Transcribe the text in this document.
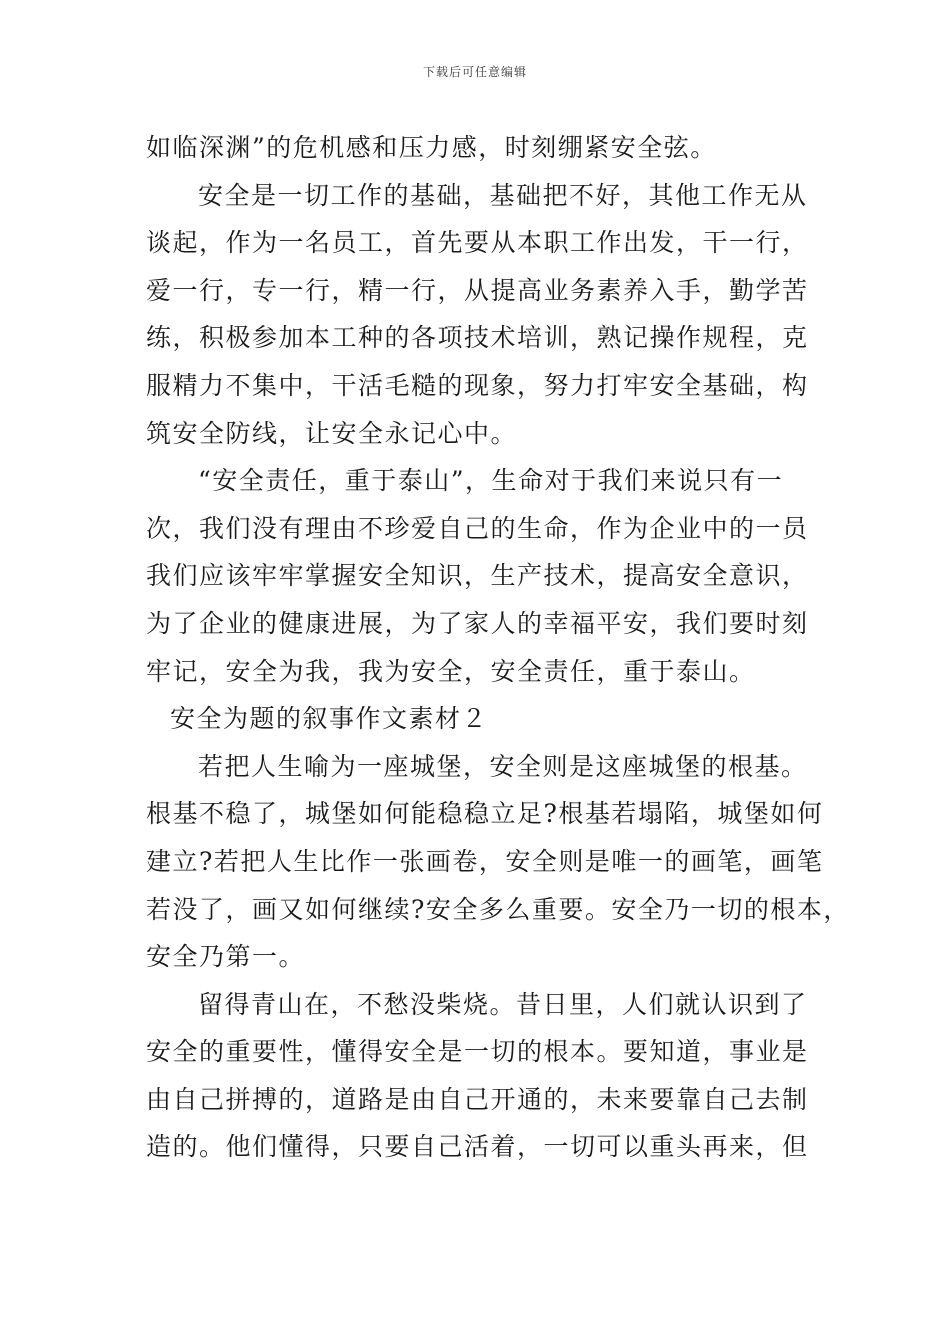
下载后可任意编辑
如临深渊”的危机感和压力感，时刻绷紧安全弦。
安全是一切工作的基础，基础把不好，其他工作无从
谈起，作为一名员工，首先要从本职工作出发，干一行，
爱一行，专一行，精一行，从提高业务素养入手，勤学苦
练，积极参加本工种的各项技术培训，熟记操作规程，克
服精力不集中，干活毛糙的现象，努力打牢安全基础，构
筑安全防线，让安全永记心中。
“安全责任，重于泰山”，生命对于我们来说只有一
次，我们没有理由不珍爱自己的生命，作为企业中的一员
我们应该牢牢掌握安全知识，生产技术，提高安全意识，
为了企业的健康进展，为了家人的幸福平安，我们要时刻
牢记，安全为我，我为安全，安全责任，重于泰山。
安全为题的叙事作文素材２
若把人生喻为一座城堡，安全则是这座城堡的根基。
根基不稳了，城堡如何能稳稳立足?根基若塌陷，城堡如何
建立?若把人生比作一张画卷，安全则是唯一的画笔，画笔
若没了，画又如何继续?安全多么重要。安全乃一切的根本，
安全乃第一。
留得青山在，不愁没柴烧。昔日里，人们就认识到了
安全的重要性，懂得安全是一切的根本。要知道，事业是
由自己拼搏的，道路是由自己开通的，未来要靠自己去制
造的。他们懂得，只要自己活着，一切可以重头再来，但
